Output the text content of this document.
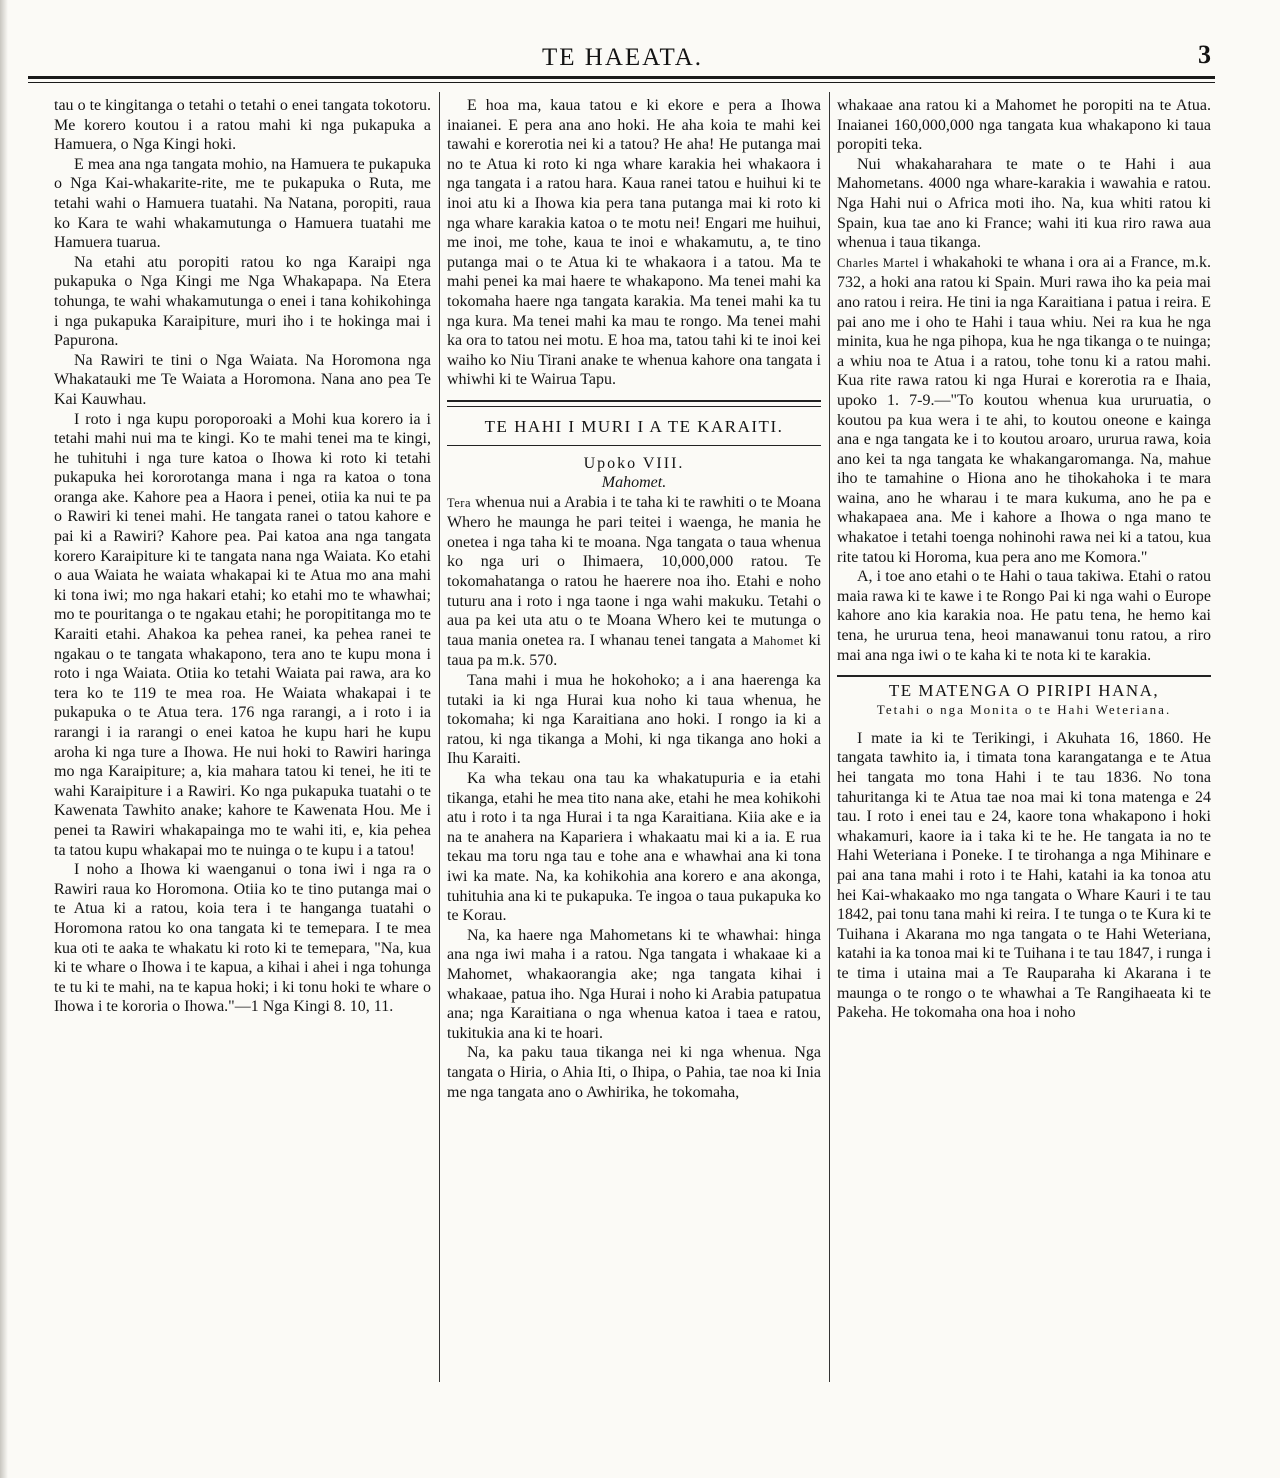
TE HAEATA.	3

tau o te kingitanga o tetahi o tetahi o enei tangata tokotoru. Me korero koutou i a ratou mahi ki nga pukapuka a Hamuera, o Nga Kingi hoki.

E mea ana nga tangata mohio, na Hamuera te pukapuka o Nga Kai-whakarite-rite, me te pukapuka o Ruta, me tetahi wahi o Hamuera tuatahi. Na Natana, poropiti, raua ko Kara te wahi whakamutunga o Hamuera tuatahi me Hamuera tuarua.

Na etahi atu poropiti ratou ko nga Karaipi nga pukapuka o Nga Kingi me Nga Whakapapa. Na Etera tohunga, te wahi whakamutunga o enei i tana kohikohinga i nga pukapuka Karaipiture, muri iho i te hokinga mai i Papurona.

Na Rawiri te tini o Nga Waiata. Na Horomona nga Whakatauki me Te Waiata a Horomona. Nana ano pea Te Kai Kauwhau.

I roto i nga kupu poroporoaki a Mohi kua korero ia i tetahi mahi nui ma te kingi. Ko te mahi tenei ma te kingi, he tuhituhi i nga ture katoa o Ihowa ki roto ki tetahi pukapuka hei kororotanga mana i nga ra katoa o tona oranga ake. Kahore pea a Haora i penei, otiia ka nui te pa o Rawiri ki tenei mahi. He tangata ranei o tatou kahore e pai ki a Rawiri? Kahore pea. Pai katoa ana nga tangata korero Karaipiture ki te tangata nana nga Waiata. Ko etahi o aua Waiata he waiata whakapai ki te Atua mo ana mahi ki tona iwi; mo nga hakari etahi; ko etahi mo te whawhai; mo te pouritanga o te ngakau etahi; he poropititanga mo te Karaiti etahi. Ahakoa ka pehea ranei, ka pehea ranei te ngakau o te tangata whakapono, tera ano te kupu mona i roto i nga Waiata. Otiia ko tetahi Waiata pai rawa, ara ko tera ko te 119 te mea roa. He Waiata whakapai i te pukapuka o te Atua tera. 176 nga rarangi, a i roto i ia rarangi i ia rarangi o enei katoa he kupu hari he kupu aroha ki nga ture a Ihowa. He nui hoki to Rawiri haringa mo nga Karaipiture; a, kia mahara tatou ki tenei, he iti te wahi Karaipiture i a Rawiri. Ko nga pukapuka tuatahi o te Kawenata Tawhito anake; kahore te Kawenata Hou. Me i penei ta Rawiri whakapainga mo te wahi iti, e, kia pehea ta tatou kupu whakapai mo te nuinga o te kupu i a tatou!

I noho a Ihowa ki waenganui o tona iwi i nga ra o Rawiri raua ko Horomona. Otiia ko te tino putanga mai o te Atua ki a ratou, koia tera i te hanganga tuatahi o Horomona ratou ko ona tangata ki te temepara. I te mea kua oti te aaka te whakatu ki roto ki te temepara, "Na, kua ki te whare o Ihowa i te kapua, a kihai i ahei i nga tohunga te tu ki te mahi, na te kapua hoki; i ki tonu hoki te whare o Ihowa i te kororia o Ihowa."—1 Nga Kingi 8. 10, 11.

E hoa ma, kaua tatou e ki ekore e pera a Ihowa inaianei. E pera ana ano hoki. He aha koia te mahi kei tawahi e korerotia nei ki a tatou? He aha! He putanga mai no te Atua ki roto ki nga whare karakia hei whakaora i nga tangata i a ratou hara. Kaua ranei tatou e huihui ki te inoi atu ki a Ihowa kia pera tana putanga mai ki roto ki nga whare karakia katoa o te motu nei! Engari me huihui, me inoi, me tohe, kaua te inoi e whakamutu, a, te tino putanga mai o te Atua ki te whakaora i a tatou. Ma te mahi penei ka mai haere te whakapono. Ma tenei mahi ka tokomaha haere nga tangata karakia. Ma tenei mahi ka tu nga kura. Ma tenei mahi ka mau te rongo. Ma tenei mahi ka ora to tatou nei motu. E hoa ma, tatou tahi ki te inoi kei waiho ko Niu Tirani anake te whenua kahore ona tangata i whiwhi ki te Wairua Tapu.

TE HAHI I MURI I A TE KARAITI.

Upoko VIII.

Mahomet.

Tera whenua nui a Arabia i te taha ki te rawhiti o te Moana Whero he maunga he pari teitei i waenga, he mania he onetea i nga taha ki te moana. Nga tangata o taua whenua ko nga uri o Ihimaera, 10,000,000 ratou. Te tokomahatanga o ratou he haerere noa iho. Etahi e noho tuturu ana i roto i nga taone i nga wahi makuku. Tetahi o aua pa kei uta atu o te Moana Whero kei te mutunga o taua mania onetea ra. I whanau tenei tangata a Mahomet ki taua pa m.k. 570.

Tana mahi i mua he hokohoko; a i ana haerenga ka tutaki ia ki nga Hurai kua noho ki taua whenua, he tokomaha; ki nga Karaitiana ano hoki. I rongo ia ki a ratou, ki nga tikanga a Mohi, ki nga tikanga ano hoki a Ihu Karaiti.

Ka wha tekau ona tau ka whakatupuria e ia etahi tikanga, etahi he mea tito nana ake, etahi he mea kohikohi atu i roto i ta nga Hurai i ta nga Karaitiana. Kiia ake e ia na te anahera na Kapariera i whakaatu mai ki a ia. E rua tekau ma toru nga tau e tohe ana e whawhai ana ki tona iwi ka mate. Na, ka kohikohia ana korero e ana akonga, tuhituhia ana ki te pukapuka. Te ingoa o taua pukapuka ko te Korau.

Na, ka haere nga Mahometans ki te whawhai: hinga ana nga iwi maha i a ratou. Nga tangata i whakaae ki a Mahomet, whakaorangia ake; nga tangata kihai i whakaae, patua iho. Nga Hurai i noho ki Arabia patupatua ana; nga Karaitiana o nga whenua katoa i taea e ratou, tukitukia ana ki te hoari.

Na, ka paku taua tikanga nei ki nga whenua. Nga tangata o Hiria, o Ahia Iti, o Ihipa, o Pahia, tae noa ki Inia me nga tangata ano o Awhirika, he tokomaha,

whakaae ana ratou ki a Mahomet he poropiti na te Atua. Inaianei 160,000,000 nga tangata kua whakapono ki taua poropiti teka.

Nui whakaharahara te mate o te Hahi i aua Mahometans. 4000 nga whare-karakia i wawahia e ratou. Nga Hahi nui o Africa moti iho. Na, kua whiti ratou ki Spain, kua tae ano ki France; wahi iti kua riro rawa aua whenua i taua tikanga.

Charles Martel i whakahoki te whana i ora ai a France, m.k. 732, a hoki ana ratou ki Spain. Muri rawa iho ka peia mai ano ratou i reira. He tini ia nga Karaitiana i patua i reira. E pai ano me i oho te Hahi i taua whiu. Nei ra kua he nga minita, kua he nga pihopa, kua he nga tikanga o te nuinga; a whiu noa te Atua i a ratou, tohe tonu ki a ratou mahi. Kua rite rawa ratou ki nga Hurai e korerotia ra e Ihaia, upoko 1. 7-9.—"To koutou whenua kua ururuatia, o koutou pa kua wera i te ahi, to koutou oneone e kainga ana e nga tangata ke i to koutou aroaro, ururua rawa, koia ano kei ta nga tangata ke whakangaromanga. Na, mahue iho te tamahine o Hiona ano he tihokahoka i te mara waina, ano he wharau i te mara kukuma, ano he pa e whakapaea ana. Me i kahore a Ihowa o nga mano te whakatoe i tetahi toenga nohinohi rawa nei ki a tatou, kua rite tatou ki Horoma, kua pera ano me Komora."

A, i toe ano etahi o te Hahi o taua takiwa. Etahi o ratou maia rawa ki te kawe i te Rongo Pai ki nga wahi o Europe kahore ano kia karakia noa. He patu tena, he hemo kai tena, he ururua tena, heoi manawanui tonu ratou, a riro mai ana nga iwi o te kaha ki te nota ki te karakia.

TE MATENGA O PIRIPI HANA,

Tetahi o nga Monita o te Hahi Weteriana.

I mate ia ki te Terikingi, i Akuhata 16, 1860. He tangata tawhito ia, i timata tona karangatanga e te Atua hei tangata mo tona Hahi i te tau 1836. No tona tahuritanga ki te Atua tae noa mai ki tona matenga e 24 tau. I roto i enei tau e 24, kaore tona whakapono i hoki whakamuri, kaore ia i taka ki te he. He tangata ia no te Hahi Weteriana i Poneke. I te tirohanga a nga Mihinare e pai ana tana mahi i roto i te Hahi, katahi ia ka tonoa atu hei Kai-whakaako mo nga tangata o Whare Kauri i te tau 1842, pai tonu tana mahi ki reira. I te tunga o te Kura ki te Tuihana i Akarana mo nga tangata o te Hahi Weteriana, katahi ia ka tonoa mai ki te Tuihana i te tau 1847, i runga i te tima i utaina mai a Te Rauparaha ki Akarana i te maunga o te rongo o te whawhai a Te Rangihaeata ki te Pakeha. He tokomaha ona hoa i noho
